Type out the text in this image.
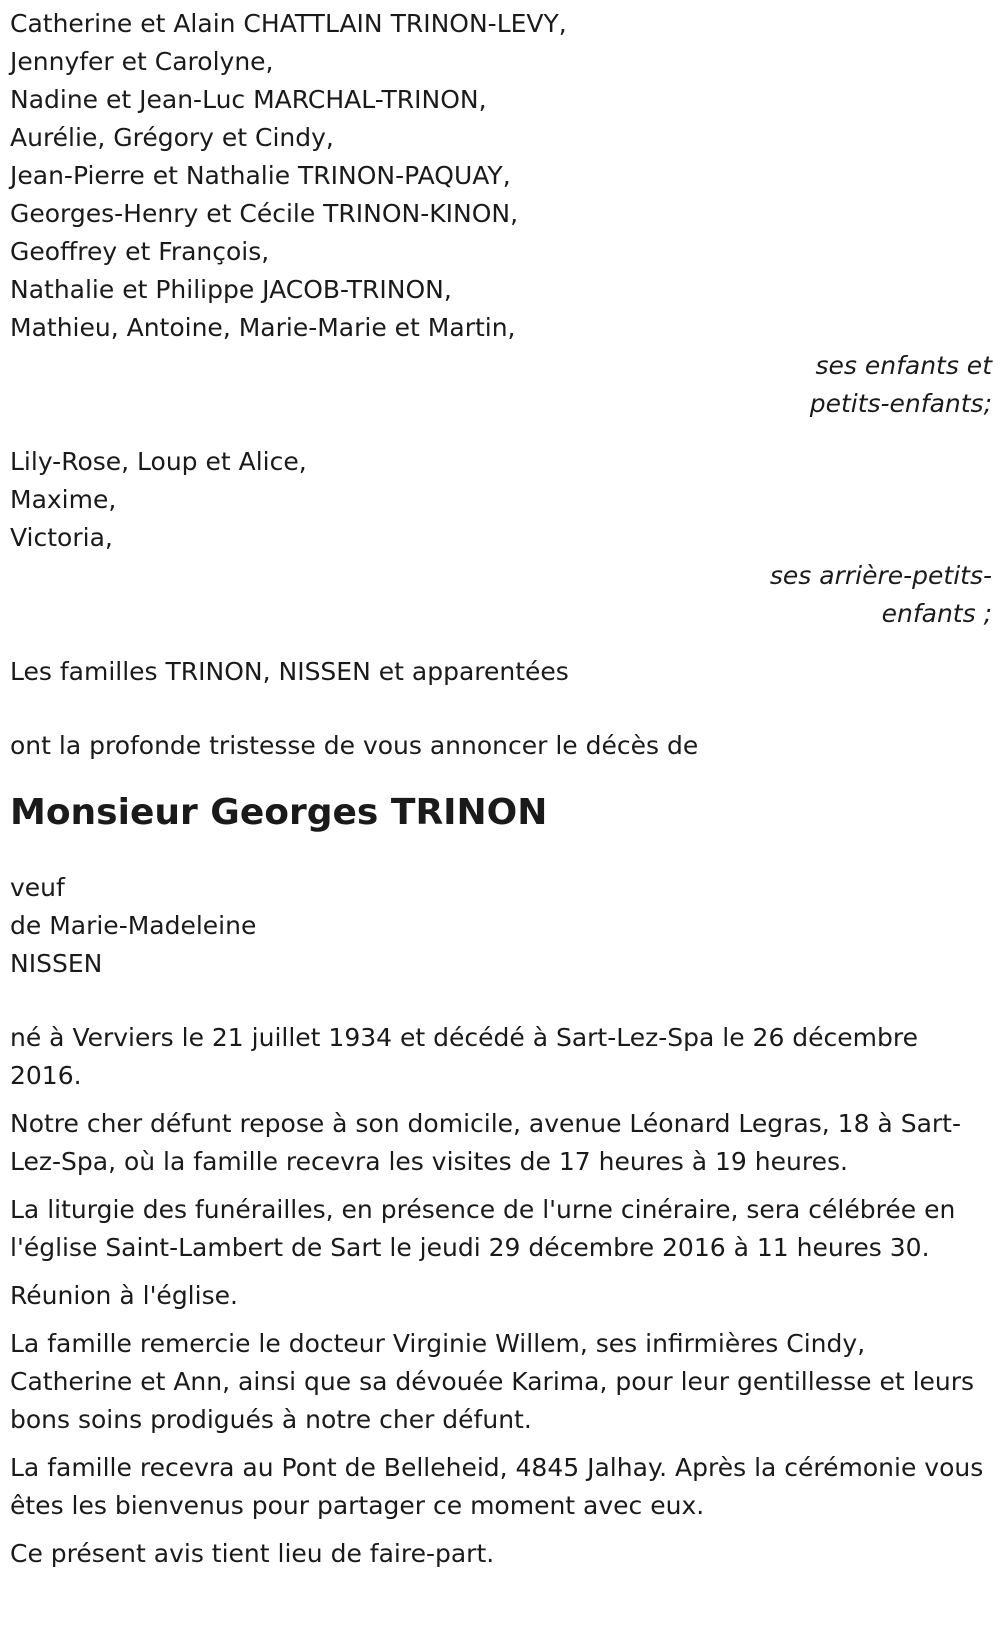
Catherine et Alain CHATTLAIN TRINON-LEVY,
Jennyfer et Carolyne,
Nadine et Jean-Luc MARCHAL-TRINON,
Aurélie, Grégory et Cindy,
Jean-Pierre et Nathalie TRINON-PAQUAY,
Georges-Henry et Cécile TRINON-KINON,
Geoffrey et François,
Nathalie et Philippe JACOB-TRINON,
Mathieu, Antoine, Marie-Marie et Martin,
ses enfants et
petits-enfants;
Lily-Rose, Loup et Alice,
Maxime,
Victoria,
ses arrière-petits-
enfants ;
Les familles TRINON, NISSEN et apparentées
ont la profonde tristesse de vous annoncer le décès de
Monsieur Georges TRINON
veuf
de Marie-Madeleine
NISSEN

né à Verviers le 21 juillet 1934 et décédé à Sart-Lez-Spa le 26 décembre 2016.

Notre cher défunt repose à son domicile, avenue Léonard Legras, 18 à Sart-Lez-Spa, où la famille recevra les visites de 17 heures à 19 heures.

La liturgie des funérailles, en présence de l'urne cinéraire, sera célébrée en l'église Saint-Lambert de Sart le jeudi 29 décembre 2016 à 11 heures 30.

Réunion à l'église.

La famille remercie le docteur Virginie Willem, ses infirmières Cindy, Catherine et Ann, ainsi que sa dévouée Karima, pour leur gentillesse et leurs bons soins prodigués à notre cher défunt.

La famille recevra au Pont de Belleheid, 4845 Jalhay. Après la cérémonie vous êtes les bienvenus pour partager ce moment avec eux.

Ce présent avis tient lieu de faire-part.
